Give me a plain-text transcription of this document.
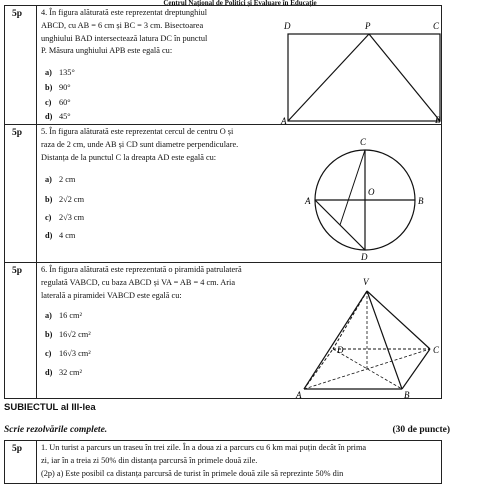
Centrul Național de Politici și Evaluare în Educație
5p	4. În figura alăturată este reprezentat dreptunghiul
ABCD, cu AB = 6 cm și BC = 3 cm. Bisectoarea
unghiului BAD intersectează latura DC în punctul
P. Măsura unghiului APB este egală cu:
a) 135°
b) 90°
c) 60°
d) 45°
D	P	C
A	B
5p	5. În figura alăturată este reprezentat cercul de centru O și
raza de 2 cm, unde AB și CD sunt diametre perpendiculare.
Distanța de la punctul C la dreapta AD este egală cu:
a) 2 cm
b) 2√2 cm
c) 2√3 cm
d) 4 cm
C
O
A	B
D
5p	6. În figura alăturată este reprezentată o piramidă patrulateră
regulată VABCD, cu baza ABCD și VA = AB = 4 cm. Aria
laterală a piramidei VABCD este egală cu:
a) 16 cm²
b) 16√2 cm²
c) 16√3 cm²
d) 32 cm²
V
D	C
A	B
SUBIECTUL al III-lea
Scrie rezolvările complete.	(30 de puncte)
5p	1. Un turist a parcurs un traseu în trei zile. În a doua zi a parcurs cu 6 km mai puțin decât în prima
zi, iar în a treia zi 50% din distanța parcursă în primele două zile.
(2p) a) Este posibil ca distanța parcursă de turist în primele două zile să reprezinte 50% din
